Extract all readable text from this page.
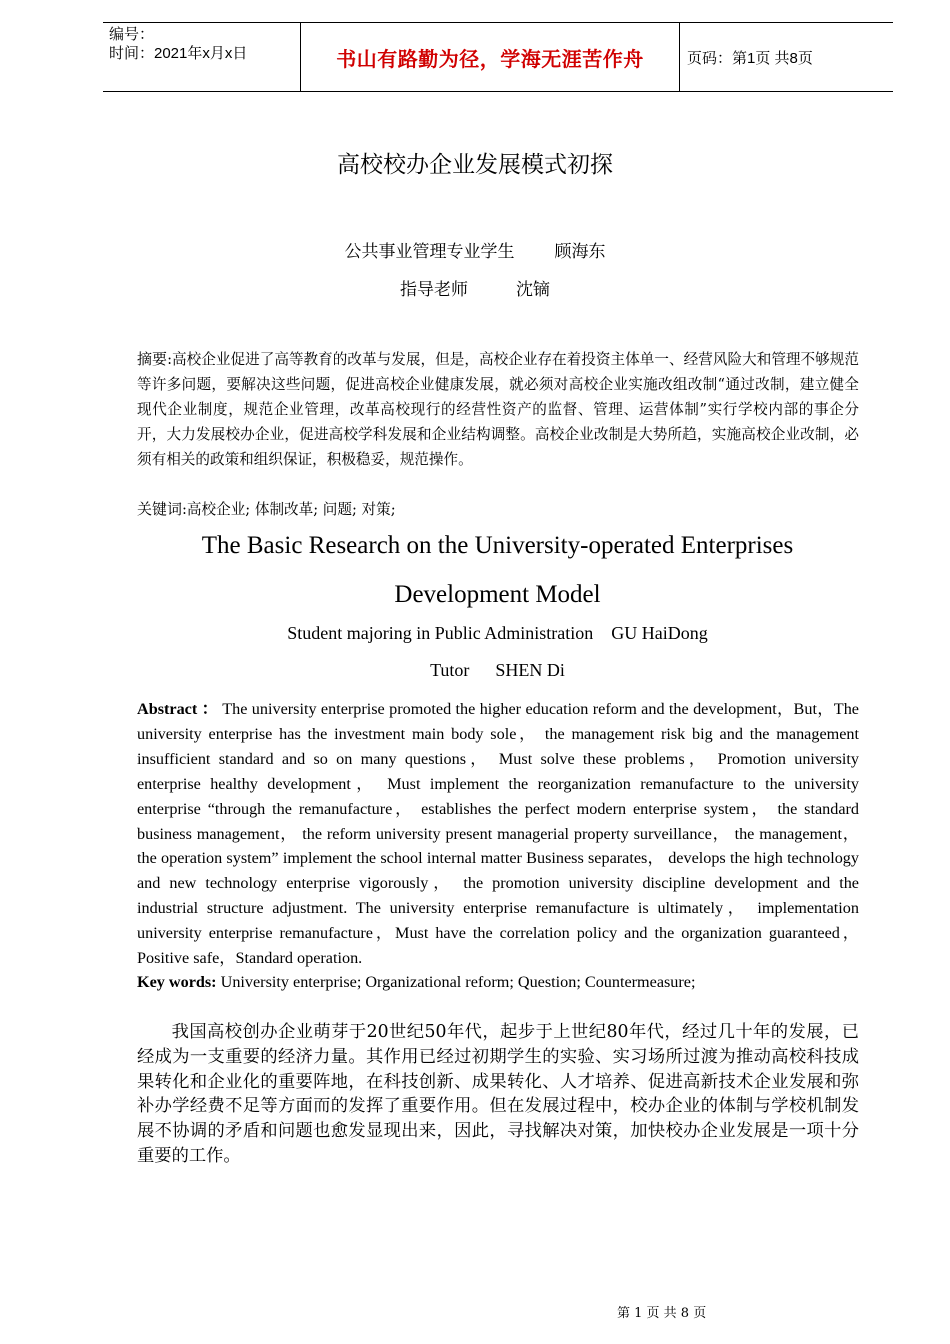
编号：
时间：2021年x月x日	书山有路勤为径，学海无涯苦作舟	页码：第1页 共8页
高校校办企业发展模式初探
公共事业管理专业学生 顾海东
指导老师	沈镝

摘要:高校企业促进了高等教育的改革与发展，但是，高校企业存在着投资主体单一、经营风险大和管理不够规范等许多问题，要解决这些问题，促进高校企业健康发展，就必须对高校企业实施改组改制“通过改制，建立健全现代企业制度，规范企业管理，改革高校现行的经营性资产的监督、管理、运营体制”实行学校内部的事企分开，大力发展校办企业，促进高校学科发展和企业结构调整。高校企业改制是大势所趋，实施高校企业改制，必须有相关的政策和组织保证，积极稳妥，规范操作。

关键词:高校企业; 体制改革; 问题; 对策;

The Basic Research on the University-operated Enterprises
Development Model
Student majoring in Public Administration GU HaiDong
Tutor SHEN Di

Abstract ： The university enterprise promoted the higher education reform and the development，But，The university enterprise has the investment main body sole， the management risk big and the management insufficient standard and so on many questions， Must solve these problems， Promotion university enterprise healthy development， Must implement the reorganization remanufacture to the university enterprise “through the remanufacture， establishes the perfect modern enterprise system， the standard business management， the reform university present managerial property surveillance， the management， the operation system” implement the school internal matter Business separates， develops the high technology and new technology enterprise vigorously， the promotion university discipline development and the industrial structure adjustment. The university enterprise remanufacture is ultimately， implementation university enterprise remanufacture，Must have the correlation policy and the organization guaranteed，Positive safe，Standard operation.

Key words: University enterprise; Organizational reform; Question; Countermeasure;

我国高校创办企业萌芽于20世纪50年代，起步于上世纪80年代，经过几十年的发展，已经成为一支重要的经济力量。其作用已经过初期学生的实验、实习场所过渡为推动高校科技成果转化和企业化的重要阵地，在科技创新、成果转化、人才培养、促进高新技术企业发展和弥补办学经费不足等方面而的发挥了重要作用。但在发展过程中，校办企业的体制与学校机制发展不协调的矛盾和问题也愈发显现出来，因此，寻找解决对策，加快校办企业发展是一项十分重要的工作。

第 1 页 共 8 页
